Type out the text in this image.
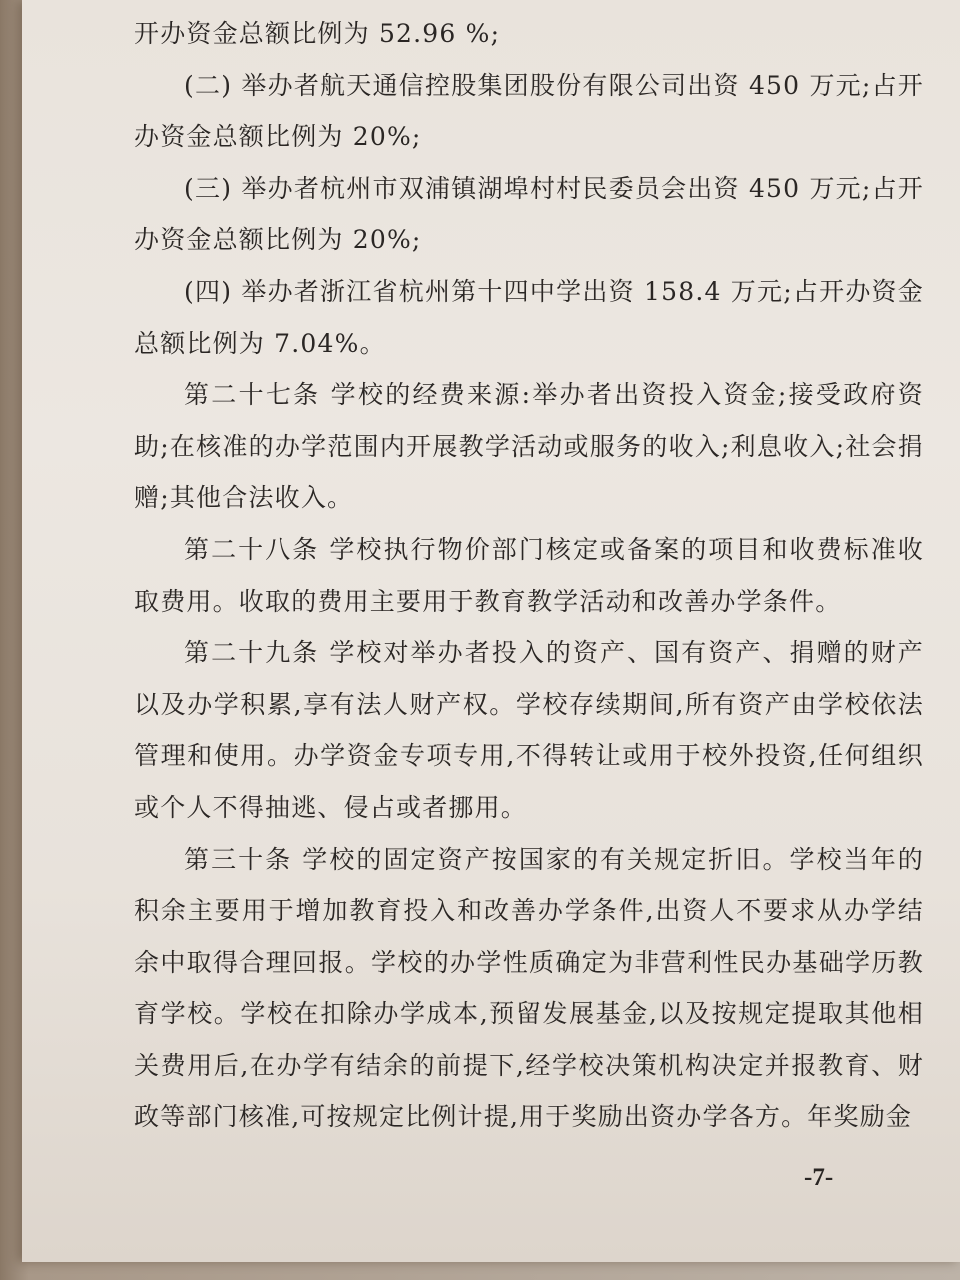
开办资金总额比例为 52.96 %;

(二) 举办者航天通信控股集团股份有限公司出资 450 万元;占开办资金总额比例为 20%;

(三) 举办者杭州市双浦镇湖埠村村民委员会出资 450 万元;占开办资金总额比例为 20%;

(四) 举办者浙江省杭州第十四中学出资 158.4 万元;占开办资金总额比例为 7.04%。

第二十七条 学校的经费来源:举办者出资投入资金;接受政府资助;在核准的办学范围内开展教学活动或服务的收入;利息收入;社会捐赠;其他合法收入。

第二十八条 学校执行物价部门核定或备案的项目和收费标准收取费用。收取的费用主要用于教育教学活动和改善办学条件。

第二十九条 学校对举办者投入的资产、国有资产、捐赠的财产以及办学积累,享有法人财产权。学校存续期间,所有资产由学校依法管理和使用。办学资金专项专用,不得转让或用于校外投资,任何组织或个人不得抽逃、侵占或者挪用。

第三十条 学校的固定资产按国家的有关规定折旧。学校当年的积余主要用于增加教育投入和改善办学条件,出资人不要求从办学结余中取得合理回报。学校的办学性质确定为非营利性民办基础学历教育学校。学校在扣除办学成本,预留发展基金,以及按规定提取其他相关费用后,在办学有结余的前提下,经学校决策机构决定并报教育、财政等部门核准,可按规定比例计提,用于奖励出资办学各方。年奖励金

-7-
